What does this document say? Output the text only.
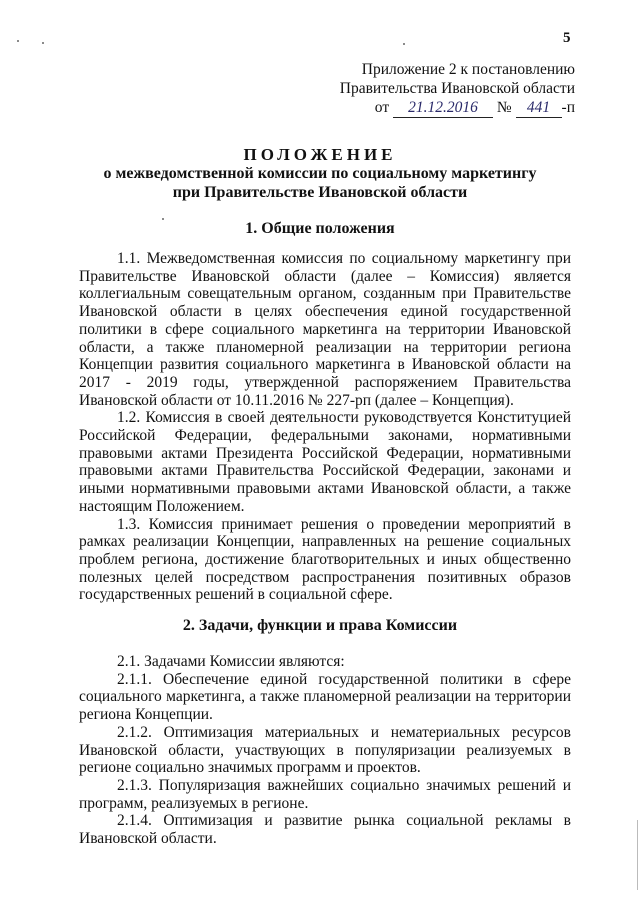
5
Приложение 2 к постановлению
Правительства Ивановской области
от 21.12.2016 № 441 -п
ПОЛОЖЕНИЕ
о межведомственной комиссии по социальному маркетингу
при Правительстве Ивановской области
1. Общие положения

1.1. Межведомственная комиссия по социальному маркетингу при Правительстве Ивановской области (далее – Комиссия) является коллегиальным совещательным органом, созданным при Правительстве Ивановской области в целях обеспечения единой государственной политики в сфере социального маркетинга на территории Ивановской области, а также планомерной реализации на территории региона Концепции развития социального маркетинга в Ивановской области на 2017 - 2019 годы, утвержденной распоряжением Правительства Ивановской области от 10.11.2016 № 227-рп (далее – Концепция).

1.2. Комиссия в своей деятельности руководствуется Конституцией Российской Федерации, федеральными законами, нормативными правовыми актами Президента Российской Федерации, нормативными правовыми актами Правительства Российской Федерации, законами и иными нормативными правовыми актами Ивановской области, а также настоящим Положением.

1.3. Комиссия принимает решения о проведении мероприятий в рамках реализации Концепции, направленных на решение социальных проблем региона, достижение благотворительных и иных общественно полезных целей посредством распространения позитивных образов государственных решений в социальной сфере.

2. Задачи, функции и права Комиссии

2.1. Задачами Комиссии являются:

2.1.1. Обеспечение единой государственной политики в сфере социального маркетинга, а также планомерной реализации на территории региона Концепции.

2.1.2. Оптимизация материальных и нематериальных ресурсов Ивановской области, участвующих в популяризации реализуемых в регионе социально значимых программ и проектов.

2.1.3. Популяризация важнейших социально значимых решений и программ, реализуемых в регионе.

2.1.4. Оптимизация и развитие рынка социальной рекламы в Ивановской области.
